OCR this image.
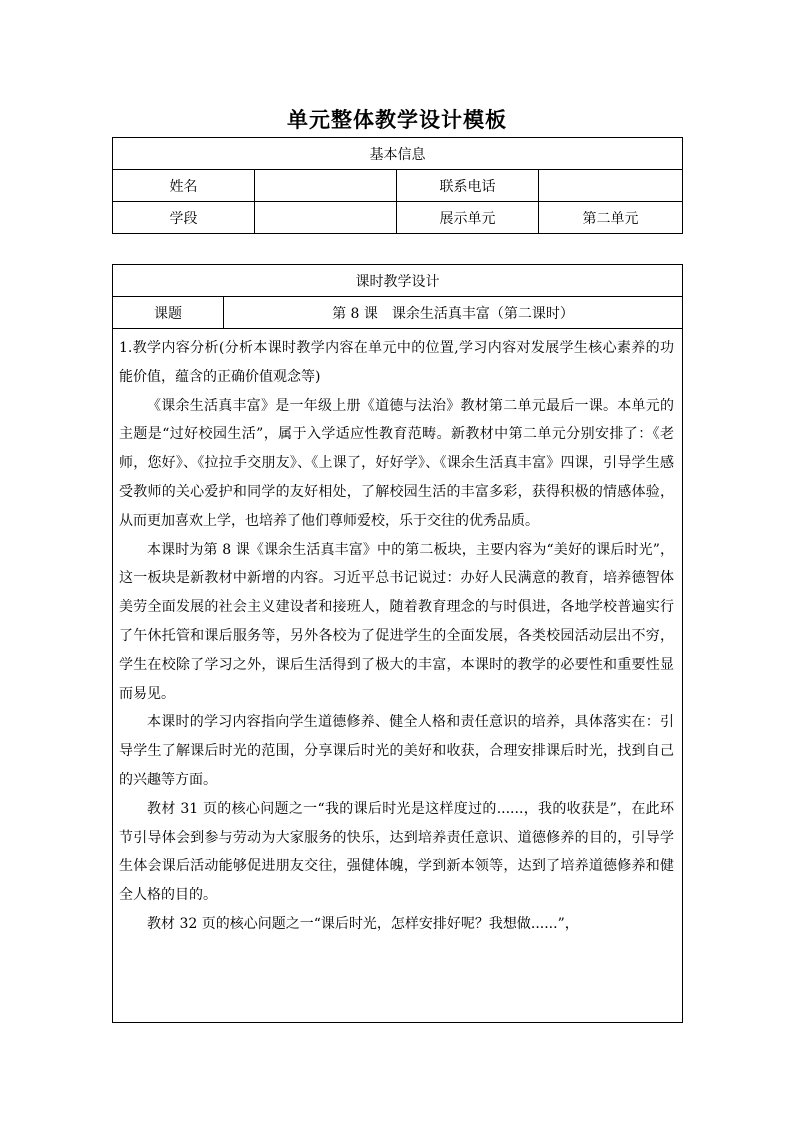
单元整体教学设计模板
基本信息			
姓名		联系电话	
学段		展示单元	第二单元
课时教学设计
课题	第 8 课　课余生活真丰富（第二课时）

1.教学内容分析(分析本课时教学内容在单元中的位置,学习内容对发展学生核心素养的功能价值，蕴含的正确价值观念等)

《课余生活真丰富》是一年级上册《道德与法治》教材第二单元最后一课。本单元的主题是“过好校园生活”，属于入学适应性教育范畴。新教材中第二单元分别安排了：《老师，您好》、《拉拉手交朋友》、《上课了，好好学》、《课余生活真丰富》四课，引导学生感受教师的关心爱护和同学的友好相处，了解校园生活的丰富多彩，获得积极的情感体验，从而更加喜欢上学，也培养了他们尊师爱校，乐于交往的优秀品质。

本课时为第 8 课《课余生活真丰富》中的第二板块，主要内容为“美好的课后时光”，这一板块是新教材中新增的内容。习近平总书记说过：办好人民满意的教育，培养德智体美劳全面发展的社会主义建设者和接班人，随着教育理念的与时俱进，各地学校普遍实行了午休托管和课后服务等，另外各校为了促进学生的全面发展，各类校园活动层出不穷，学生在校除了学习之外，课后生活得到了极大的丰富，本课时的教学的必要性和重要性显而易见。

本课时的学习内容指向学生道德修养、健全人格和责任意识的培养，具体落实在：引导学生了解课后时光的范围，分享课后时光的美好和收获，合理安排课后时光，找到自己的兴趣等方面。

教材 31 页的核心问题之一“我的课后时光是这样度过的......，我的收获是”，在此环节引导体会到参与劳动为大家服务的快乐，达到培养责任意识、道德修养的目的，引导学生体会课后活动能够促进朋友交往，强健体魄，学到新本领等，达到了培养道德修养和健全人格的目的。

教材 32 页的核心问题之一“课后时光，怎样安排好呢？我想做......”，
